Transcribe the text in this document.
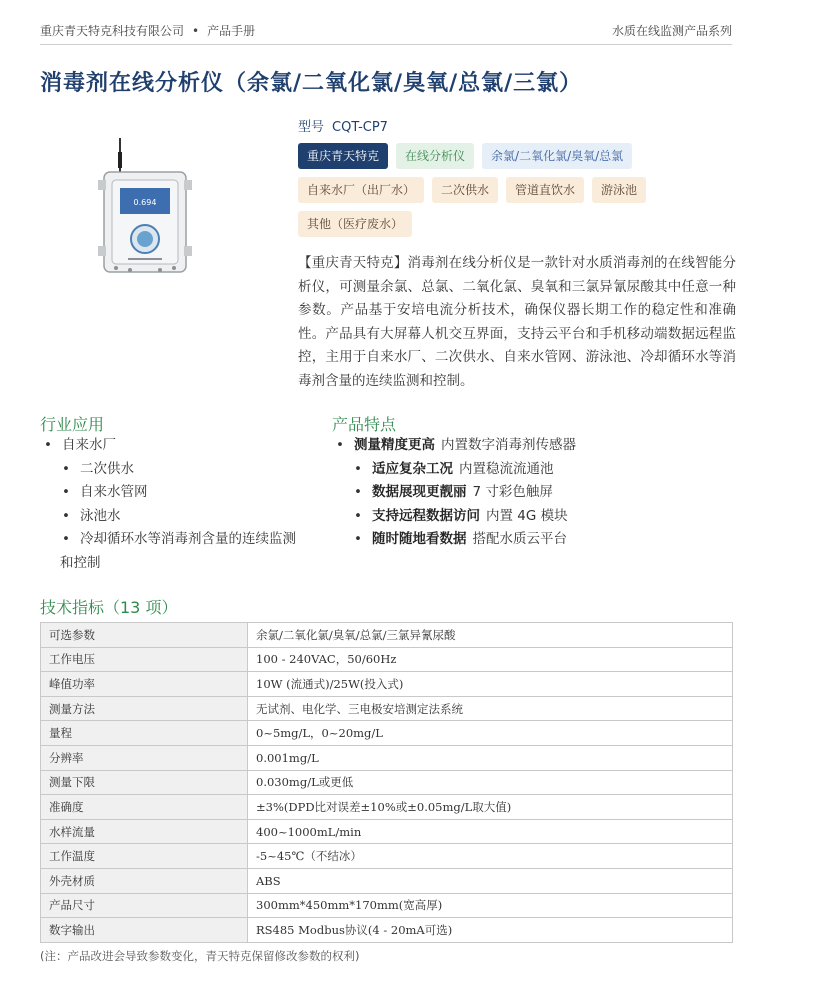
重庆青天特克科技有限公司 • 产品手册	水质在线监测产品系列
消毒剂在线分析仪（余氯/二氧化氯/臭氧/总氯/三氯）
0.694
型号 CQT-CP7
重庆青天特克	在线分析仪	余氯/二氧化氯/臭氧/总氯
自来水厂（出厂水）	二次供水	管道直饮水	游泳池
其他（医疗废水）

【重庆青天特克】消毒剂在线分析仪是一款针对水质消毒剂的在线智能分析仪，可测量余氯、总氯、二氧化氯、臭氧和三氯异氰尿酸其中任意一种参数。产品基于安培电流分析技术，确保仪器长期工作的稳定性和准确性。产品具有大屏幕人机交互界面，支持云平台和手机移动端数据远程监控，主用于自来水厂、二次供水、自来水管网、游泳池、冷却循环水等消毒剂含量的连续监测和控制。

行业应用
• 自来水厂
• 二次供水
• 自来水管网
• 泳池水
• 冷却循环水等消毒剂含量的连续监测
和控制
产品特点
• 测量精度更高 内置数字消毒剂传感器
• 适应复杂工况 内置稳流流通池
• 数据展现更靓丽 7 寸彩色触屏
• 支持远程数据访问 内置 4G 模块
• 随时随地看数据 搭配水质云平台
技术指标（13 项）
可选参数	余氯/二氧化氯/臭氧/总氯/三氯异氰尿酸
工作电压	100 - 240VAC，50/60Hz
峰值功率	10W (流通式)/25W(投入式)
测量方法	无试剂、电化学、三电极安培测定法系统
量程	0~5mg/L，0~20mg/L
分辨率	0.001mg/L
测量下限	0.030mg/L或更低
准确度	±3%(DPD比对误差±10%或±0.05mg/L取大值)
水样流量	400~1000mL/min
工作温度	-5~45℃（不结冰）
外壳材质	ABS
产品尺寸	300mm*450mm*170mm(宽高厚)
数字输出	RS485 Modbus协议(4 - 20mA可选)
(注：产品改进会导致参数变化，青天特克保留修改参数的权利)
